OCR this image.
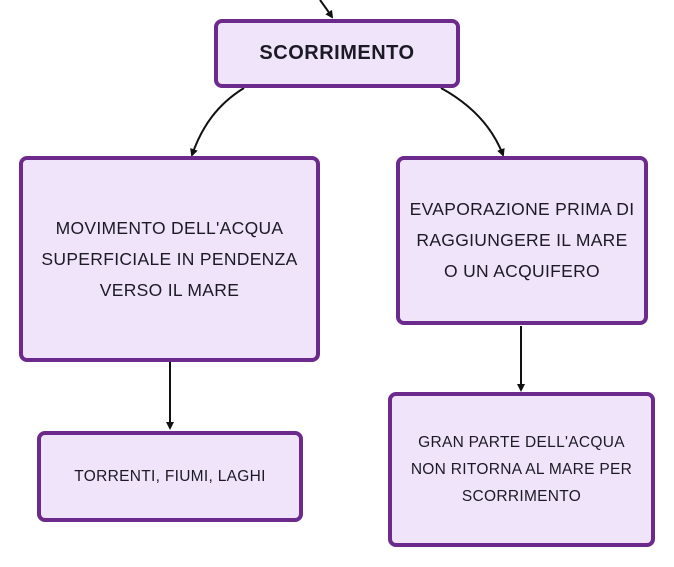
SCORRIMENTO
MOVIMENTO DELL'ACQUA SUPERFICIALE IN PENDENZA VERSO IL MARE
EVAPORAZIONE PRIMA DI RAGGIUNGERE IL MARE O UN ACQUIFERO
TORRENTI, FIUMI, LAGHI
GRAN PARTE DELL'ACQUA NON RITORNA AL MARE PER SCORRIMENTO
